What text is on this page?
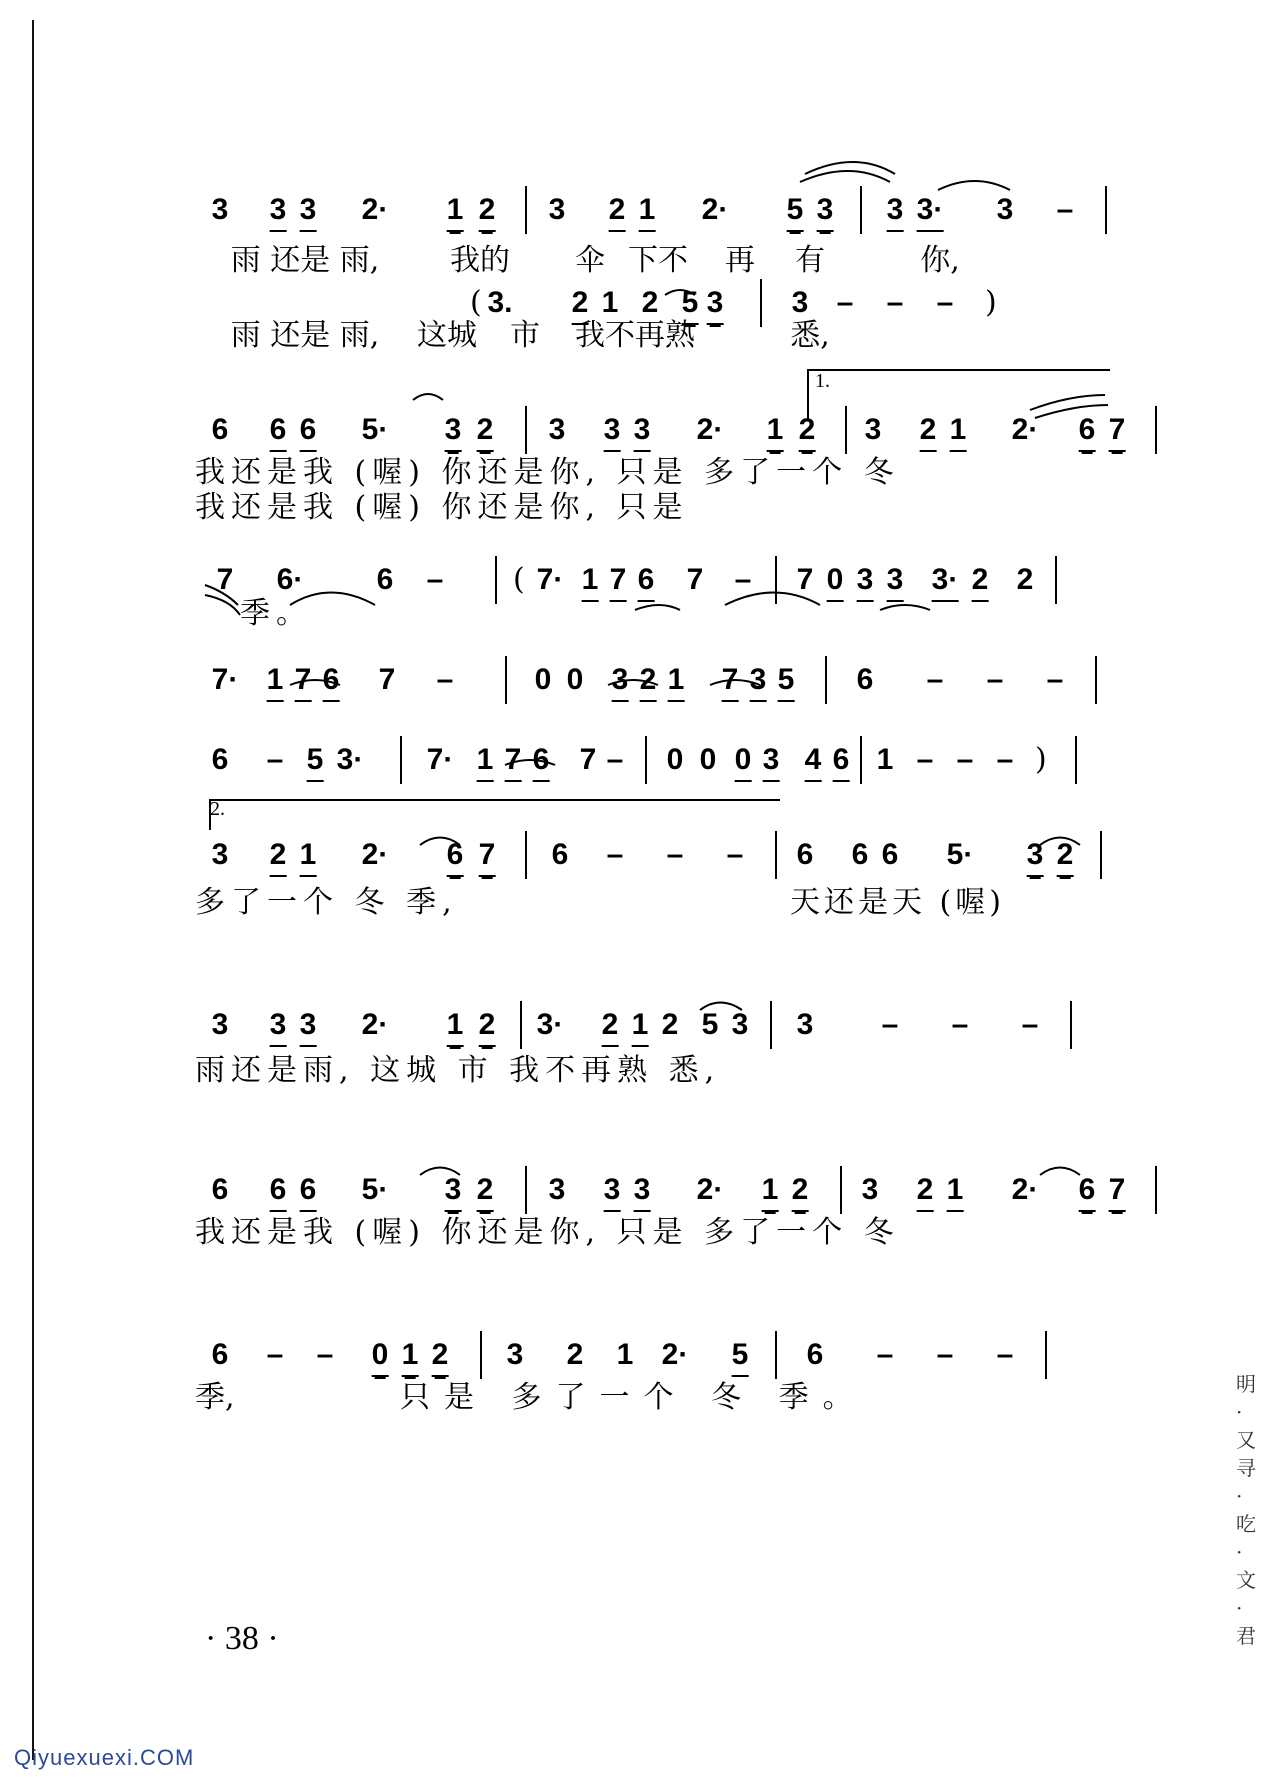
3 3 3 2· 1 2 3 2 1 2· 5 3 3 3· 3 –
雨 还是 雨, 我的 伞 下不 再 有	你,
( 3. 2 1 2 5 3 3 – – – )
雨 还是 雨, 这城 市 我不再熟	悉,
6 6 6 5· 3 2 3 3 3 2· 1 2 3 2 1 2· 6 7
我还是我 (喔) 你还是你, 只是 多了一个 冬
我还是我 (喔) 你还是你, 只是
7 6· 6 – ( 7· 1 7 6 7 – 7 0 3 3 3· 2 2
季。
7· 1 7 6 7 –	0 0 3 2 1 7 3 5 6 – – –
6 – 5 3· 7· 1 7 6 7 – 0 0 0 3 4 6 1 – – – )
3 2 1 2· 6 7 6 – – – 6 6 6 5· 3 2
多了一个 冬 季,	天还是天 (喔)
3 3 3 2· 1 2 3· 2 1 2 5 3 3 – – –
雨还是雨, 这城 市 我不再熟 悉,
6 6 6 5· 3 2 3 3 3 2· 1 2 3 2 1 2· 6 7
我还是我 (喔) 你还是你, 只是 多了一个 冬
6 – – 0 1 2 3 2 1 2· 5 6 – – –
季,	只是 多了一个 冬 季。
1.
2.
· 38 ·
Qiyuexuexi.COM
明·又寻·吃·文·君
